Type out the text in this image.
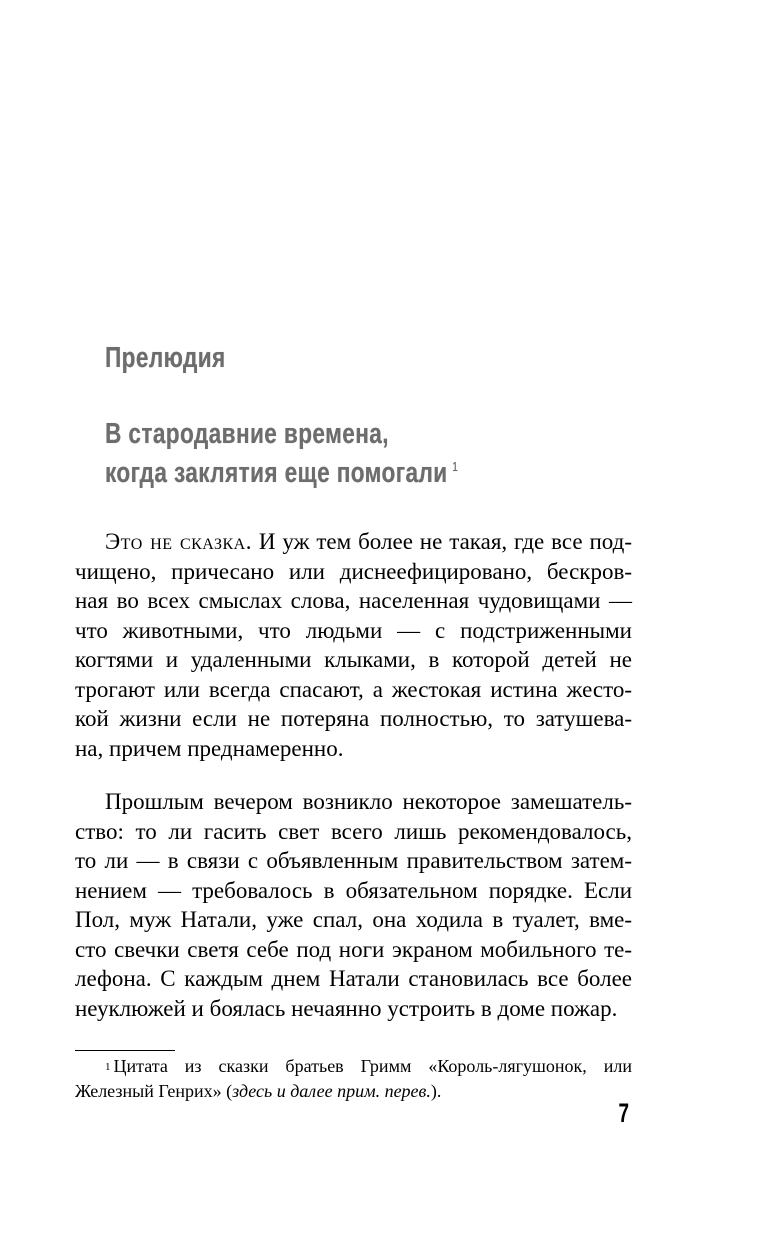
Прелюдия
В стародавние времена,
когда заклятия еще помогали $^1$
Это не сказка. И уж тем более не такая, где все под-
чищено, причесано или диснеефицировано, бескров-
ная во всех смыслах слова, населенная чудовищами —
что животными, что людьми — с подстриженными
когтями и удаленными клыками, в которой детей не
трогают или всегда спасают, а жестокая истина жесто-
кой жизни если не потеряна полностью, то затушева-
на, причем преднамеренно.
Прошлым вечером возникло некоторое замешатель-
ство: то ли гасить свет всего лишь рекомендовалось,
то ли — в связи с объявленным правительством затем-
нением — требовалось в обязательном порядке. Если
Пол, муж Натали, уже спал, она ходила в туалет, вме-
сто свечки светя себе под ноги экраном мобильного те-
лефона. С каждым днем Натали становилась все более
неуклюжей и боялась нечаянно устроить в доме пожар.
$^1$ Цитата из сказки братьев Гримм «Король-лягушонок, или
Железный Генрих» (здесь и далее прим. перев.).
7
